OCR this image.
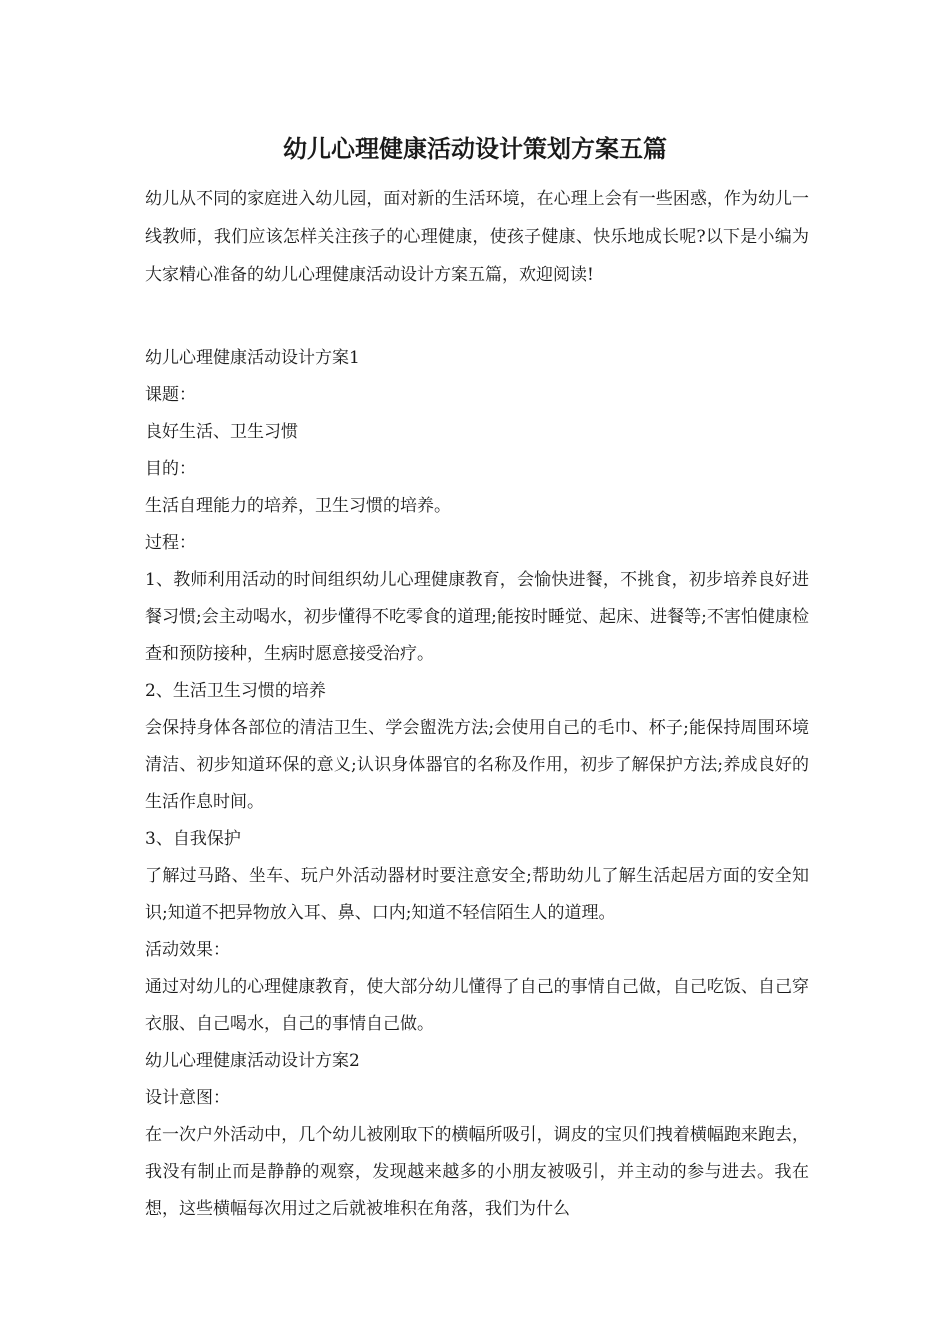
幼儿心理健康活动设计策划方案五篇

幼儿从不同的家庭进入幼儿园，面对新的生活环境，在心理上会有一些困惑，作为幼儿一线教师，我们应该怎样关注孩子的心理健康，使孩子健康、快乐地成长呢?以下是小编为大家精心准备的幼儿心理健康活动设计方案五篇，欢迎阅读!

幼儿心理健康活动设计方案1

课题：

良好生活、卫生习惯

目的：

生活自理能力的培养，卫生习惯的培养。

过程：

1、教师利用活动的时间组织幼儿心理健康教育，会愉快进餐，不挑食，初步培养良好进餐习惯;会主动喝水，初步懂得不吃零食的道理;能按时睡觉、起床、进餐等;不害怕健康检查和预防接种，生病时愿意接受治疗。

2、生活卫生习惯的培养

会保持身体各部位的清洁卫生、学会盥洗方法;会使用自己的毛巾、杯子;能保持周围环境清洁、初步知道环保的意义;认识身体器官的名称及作用，初步了解保护方法;养成良好的生活作息时间。

3、自我保护

了解过马路、坐车、玩户外活动器材时要注意安全;帮助幼儿了解生活起居方面的安全知识;知道不把异物放入耳、鼻、口内;知道不轻信陌生人的道理。

活动效果：

通过对幼儿的心理健康教育，使大部分幼儿懂得了自己的事情自己做，自己吃饭、自己穿衣服、自己喝水，自己的事情自己做。

幼儿心理健康活动设计方案2

设计意图：

在一次户外活动中，几个幼儿被刚取下的横幅所吸引，调皮的宝贝们拽着横幅跑来跑去，我没有制止而是静静的观察，发现越来越多的小朋友被吸引，并主动的参与进去。我在想，这些横幅每次用过之后就被堆积在角落，我们为什么
